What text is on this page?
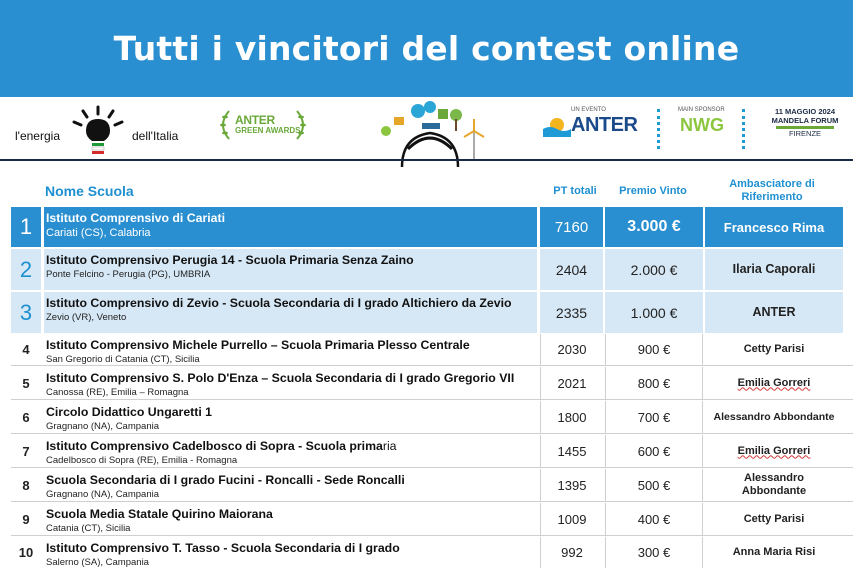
Tutti i vincitori del contest online
l'energia	dell'Italia
ANTER
GREEN AWARDS
UN EVENTO
ANTER
MAIN SPONSOR
NWG
11 MAGGIO 2024
MANDELA FORUM
FIRENZE
Nome Scuola	PT totali	Premio Vinto
Ambasciatore di Riferimento
1 Istituto Comprensivo di Cariati
Cariati (CS), Calabria	7160 3.000 €	Francesco Rima
2 Istituto Comprensivo Perugia 14 - Scuola Primaria Senza Zaino
Ponte Felcino - Perugia (PG), UMBRIA	2404	2.000 €	Ilaria Caporali
3 Istituto Comprensivo di Zevio - Scuola Secondaria di I grado Altichiero da Zevio
Zevio (VR), Veneto	2335	1.000 €	ANTER
4 Istituto Comprensivo Michele Purrello – Scuola Primaria Plesso Centrale
San Gregorio di Catania (CT), Sicilia
2030	900 €	Cetty Parisi
5 Istituto Comprensivo S. Polo D'Enza – Scuola Secondaria di I grado Gregorio VII
Canossa (RE), Emilia – Romagna
2021	800 €	Emilia Gorreri
6 Circolo Didattico Ungaretti 1
Gragnano (NA), Campania
1800	700 €	Alessandro Abbondante
7 Istituto Comprensivo Cadelbosco di Sopra - Scuola primaria
Cadelbosco di Sopra (RE), Emilia - Romagna
1455	600 €	Emilia Gorreri
8 Scuola Secondaria di I grado Fucini - Roncalli - Sede Roncalli
Gragnano (NA), Campania
1395	500 €	Alessandro Abbondante
9 Scuola Media Statale Quirino Maiorana
Catania (CT), Sicilia
1009	400 €	Cetty Parisi
10 Istituto Comprensivo T. Tasso - Scuola Secondaria di I grado
Salerno (SA), Campania
992	300 €	Anna Maria Risi
